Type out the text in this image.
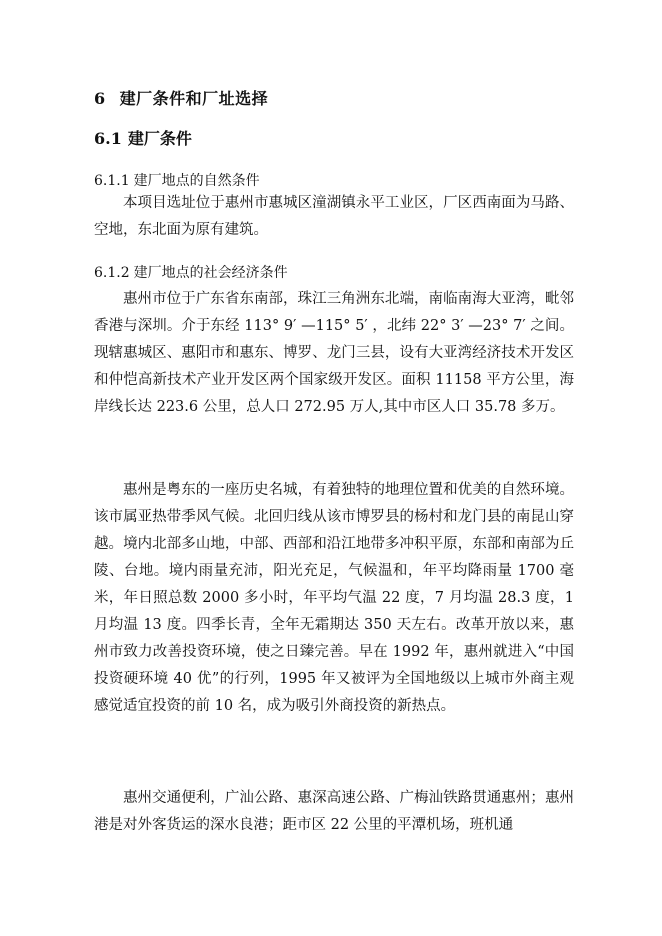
6 建厂条件和厂址选择
6.1 建厂条件
6.1.1 建厂地点的自然条件

本项目选址位于惠州市惠城区潼湖镇永平工业区，厂区西南面为马路、空地，东北面为原有建筑。

6.1.2 建厂地点的社会经济条件

惠州市位于广东省东南部，珠江三角洲东北端，南临南海大亚湾，毗邻香港与深圳。介于东经 113° 9′ —115° 5′ ，北纬 22° 3′ —23° 7′ 之间。现辖惠城区、惠阳市和惠东、博罗、龙门三县，设有大亚湾经济技术开发区和仲恺高新技术产业开发区两个国家级开发区。面积 11158 平方公里，海岸线长达 223.6 公里，总人口 272.95 万人,其中市区人口 35.78 多万。

惠州是粤东的一座历史名城，有着独特的地理位置和优美的自然环境。该市属亚热带季风气候。北回归线从该市博罗县的杨村和龙门县的南昆山穿越。境内北部多山地，中部、西部和沿江地带多冲积平原，东部和南部为丘陵、台地。境内雨量充沛，阳光充足，气候温和，年平均降雨量 1700 毫米，年日照总数 2000 多小时，年平均气温 22 度，7 月均温 28.3 度，1 月均温 13 度。四季长青，全年无霜期达 350 天左右。改革开放以来，惠州市致力改善投资环境，使之日臻完善。早在 1992 年，惠州就进入“中国投资硬环境 40 优”的行列，1995 年又被评为全国地级以上城市外商主观感觉适宜投资的前 10 名，成为吸引外商投资的新热点。

惠州交通便利，广汕公路、惠深高速公路、广梅汕铁路贯通惠州；惠州港是对外客货运的深水良港；距市区 22 公里的平潭机场，班机通
